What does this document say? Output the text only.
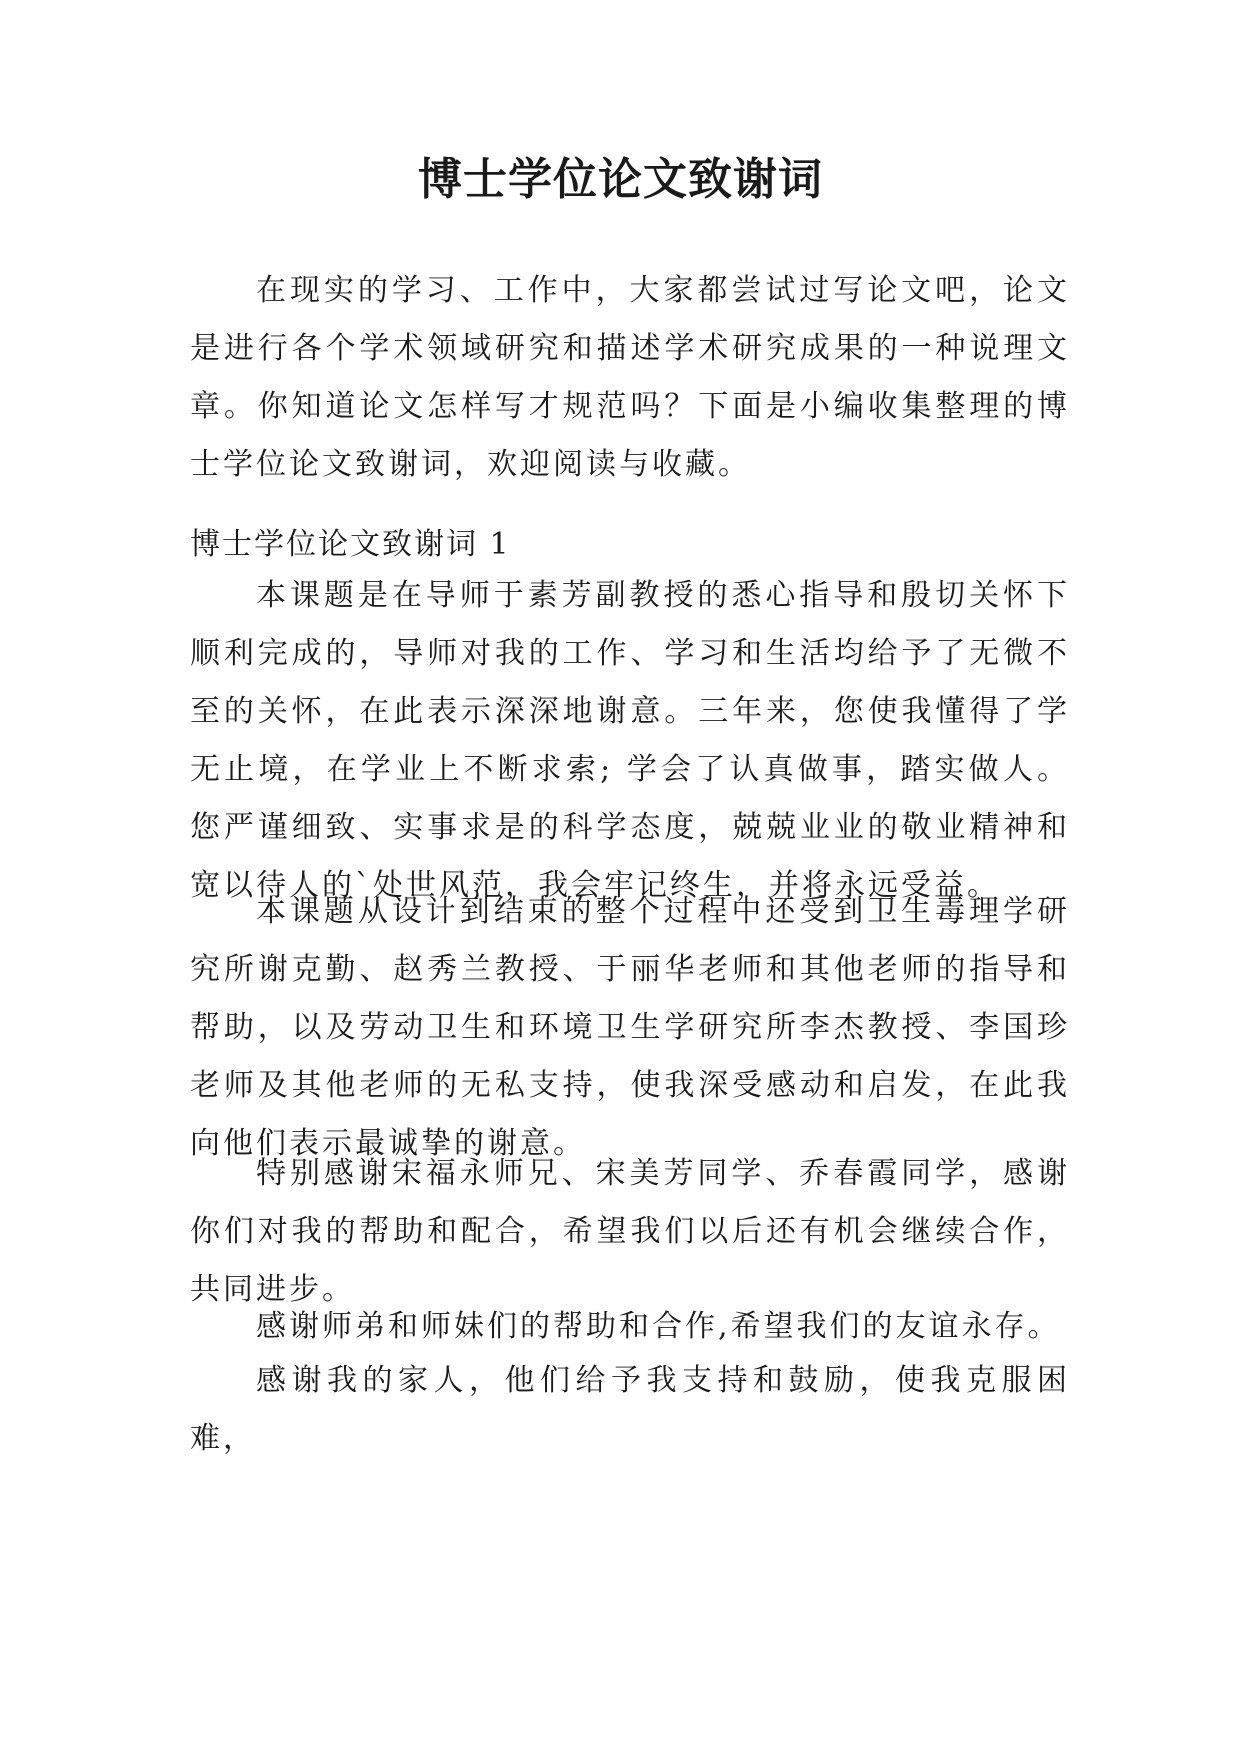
博士学位论文致谢词
在现实的学习、工作中，大家都尝试过写论文吧，论文是进行各个学术领域研究和描述学术研究成果的一种说理文章。你知道论文怎样写才规范吗？下面是小编收集整理的博士学位论文致谢词，欢迎阅读与收藏。
博士学位论文致谢词 1
本课题是在导师于素芳副教授的悉心指导和殷切关怀下顺利完成的，导师对我的工作、学习和生活均给予了无微不至的关怀，在此表示深深地谢意。三年来，您使我懂得了学无止境，在学业上不断求索; 学会了认真做事，踏实做人。您严谨细致、实事求是的科学态度，兢兢业业的敬业精神和宽以待人的`处世风范，我会牢记终生，并将永远受益。
本课题从设计到结束的整个过程中还受到卫生毒理学研究所谢克勤、赵秀兰教授、于丽华老师和其他老师的指导和帮助，以及劳动卫生和环境卫生学研究所李杰教授、李国珍老师及其他老师的无私支持，使我深受感动和启发，在此我向他们表示最诚挚的谢意。
特别感谢宋福永师兄、宋美芳同学、乔春霞同学，感谢你们对我的帮助和配合，希望我们以后还有机会继续合作，共同进步。
感谢师弟和师妹们的帮助和合作,希望我们的友谊永存。
感谢我的家人，他们给予我支持和鼓励，使我克服困难，
